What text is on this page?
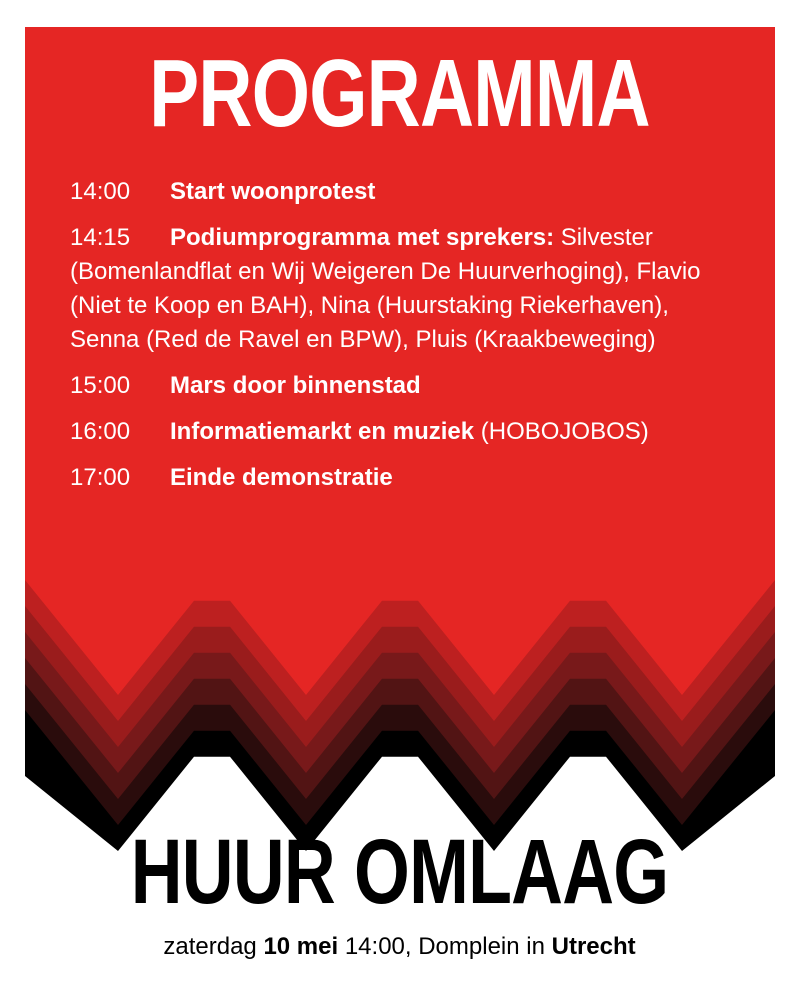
PROGRAMMA
14:00 Start woonprotest
14:15 Podiumprogramma met sprekers: Silvester (Bomenlandflat en Wij Weigeren De Huurverhoging), Flavio (Niet te Koop en BAH), Nina (Huurstaking Riekerhaven), Senna (Red de Ravel en BPW), Pluis (Kraakbeweging)
15:00 Mars door binnenstad
16:00 Informatiemarkt en muziek (HOBOJOBOS)
17:00 Einde demonstratie
HUUR OMLAAG
zaterdag 10 mei 14:00, Domplein in Utrecht
